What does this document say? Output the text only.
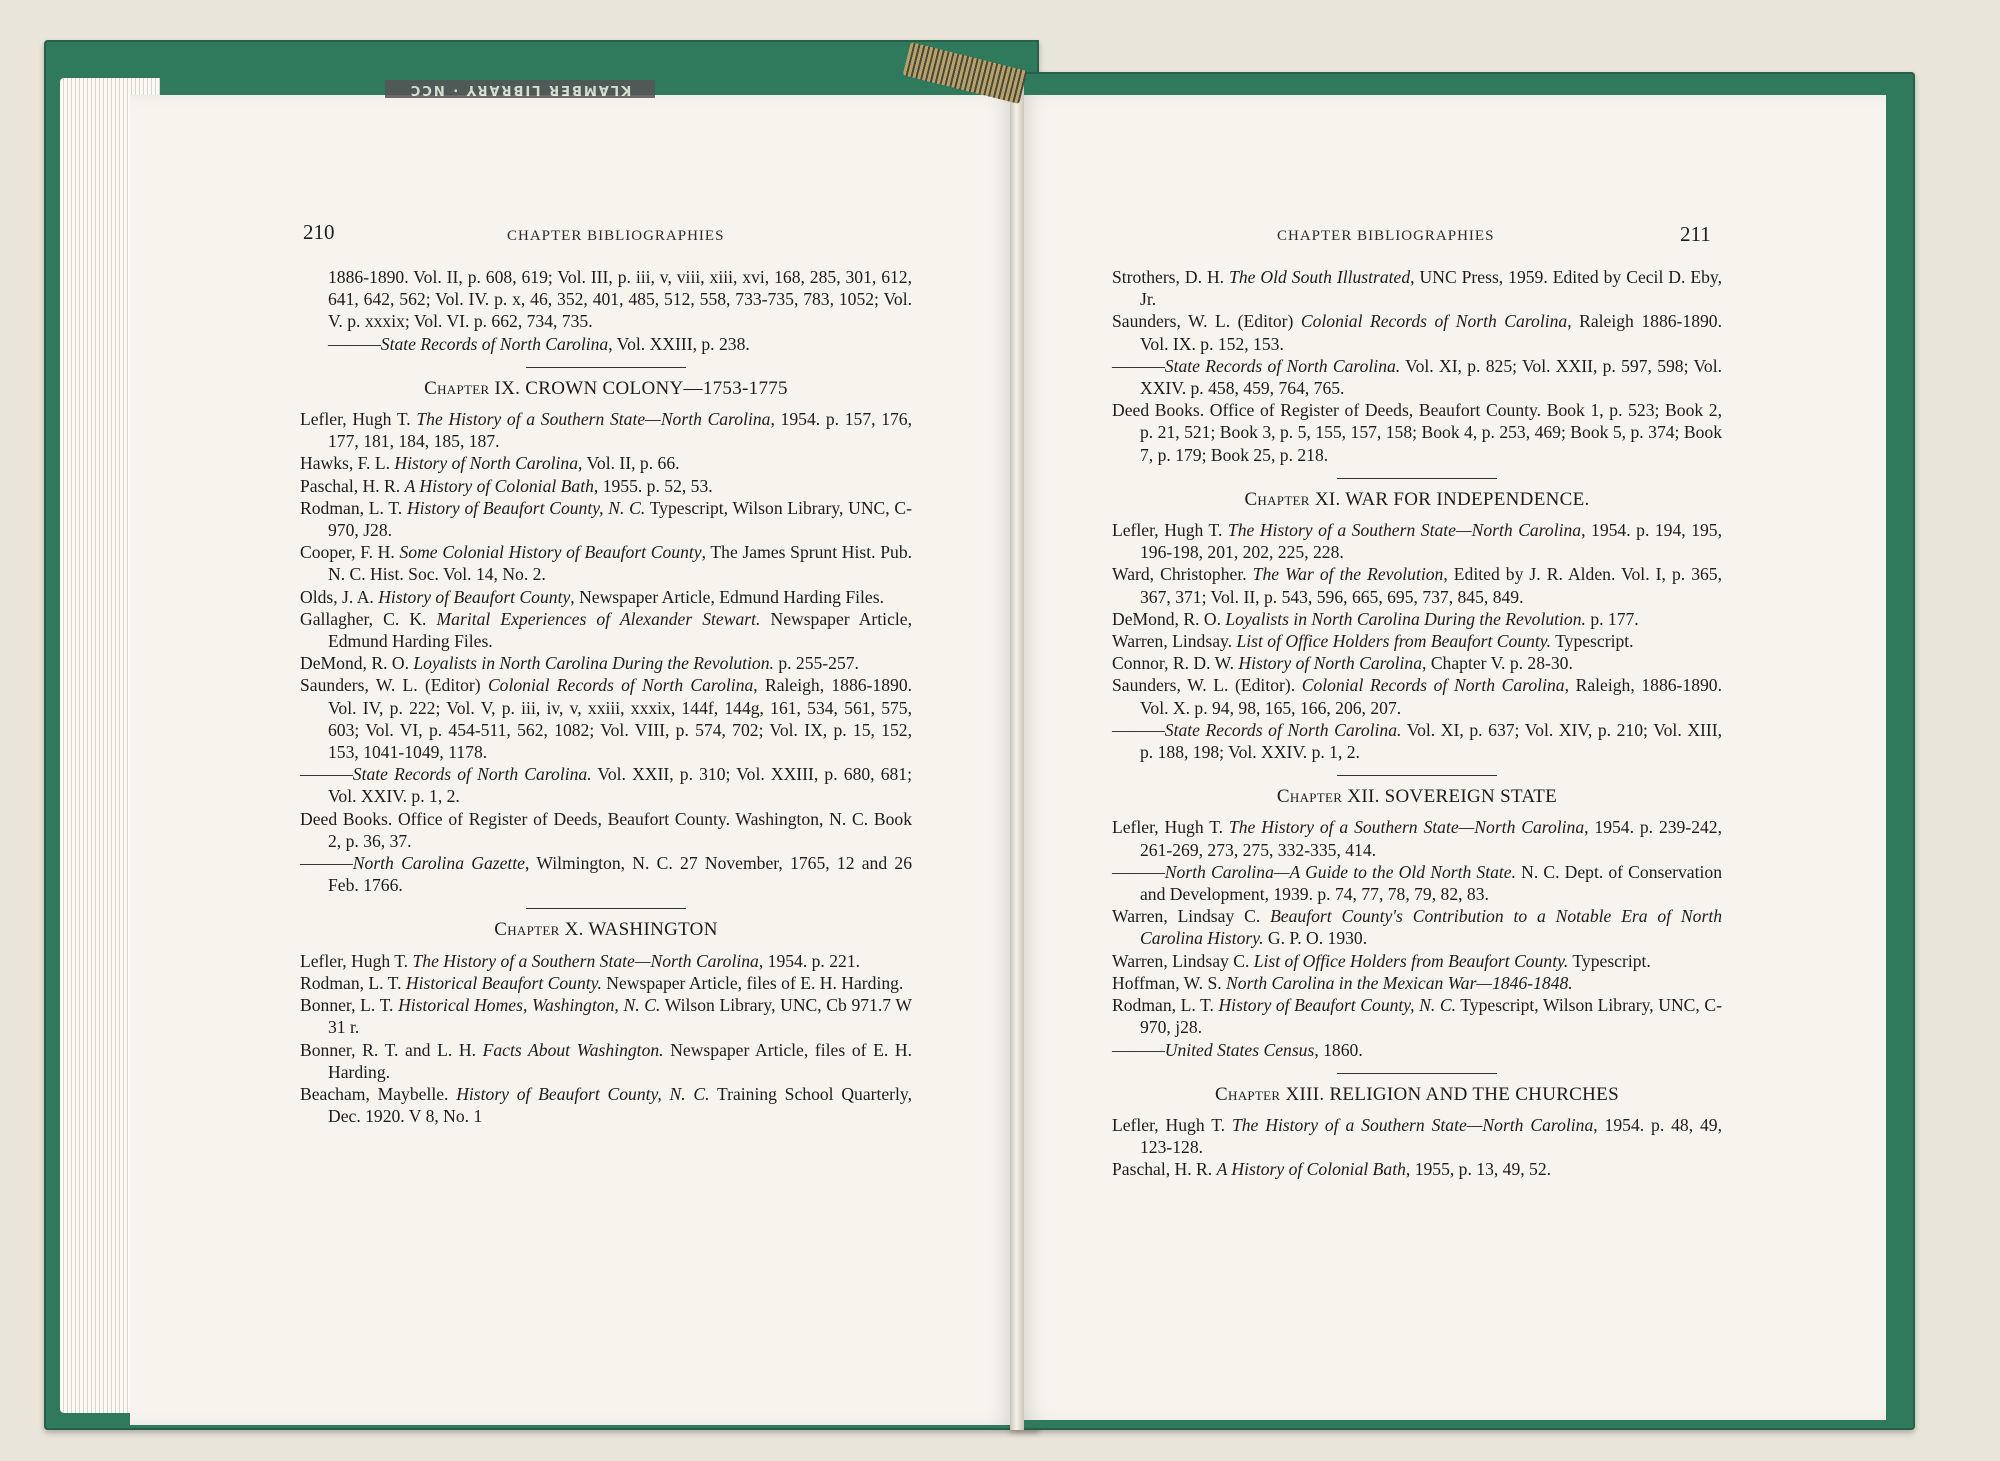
KLAMBER LIBRARY · NCC
210	CHAPTER BIBLIOGRAPHIES	CHAPTER BIBLIOGRAPHIES	211
1886-1890. Vol. II, p. 608, 619; Vol. III, p. iii, v, viii, xiii, xvi, 168, 285, 301, 612, 641, 642, 562; Vol. IV. p. x, 46, 352, 401, 485, 512, 558, 733-735, 783, 1052; Vol. V. p. xxxix; Vol. VI. p. 662, 734, 735.
———State Records of North Carolina, Vol. XXIII, p. 238.
Chapter IX. CROWN COLONY—1753-1775
Lefler, Hugh T. The History of a Southern State—North Carolina, 1954. p. 157, 176, 177, 181, 184, 185, 187.
Hawks, F. L. History of North Carolina, Vol. II, p. 66.
Paschal, H. R. A History of Colonial Bath, 1955. p. 52, 53.
Rodman, L. T. History of Beaufort County, N. C. Typescript, Wilson Library, UNC, C-970, J28.
Cooper, F. H. Some Colonial History of Beaufort County, The James Sprunt Hist. Pub. N. C. Hist. Soc. Vol. 14, No. 2.
Olds, J. A. History of Beaufort County, Newspaper Article, Edmund Harding Files.
Gallagher, C. K. Marital Experiences of Alexander Stewart. Newspaper Article, Edmund Harding Files.
DeMond, R. O. Loyalists in North Carolina During the Revolution. p. 255-257.
Saunders, W. L. (Editor) Colonial Records of North Carolina, Raleigh, 1886-1890. Vol. IV, p. 222; Vol. V, p. iii, iv, v, xxiii, xxxix, 144f, 144g, 161, 534, 561, 575, 603; Vol. VI, p. 454-511, 562, 1082; Vol. VIII, p. 574, 702; Vol. IX, p. 15, 152, 153, 1041-1049, 1178.
———State Records of North Carolina. Vol. XXII, p. 310; Vol. XXIII, p. 680, 681; Vol. XXIV. p. 1, 2.
Deed Books. Office of Register of Deeds, Beaufort County. Washington, N. C. Book 2, p. 36, 37.
———North Carolina Gazette, Wilmington, N. C. 27 November, 1765, 12 and 26 Feb. 1766.
Chapter X. WASHINGTON
Lefler, Hugh T. The History of a Southern State—North Carolina, 1954. p. 221.
Rodman, L. T. Historical Beaufort County. Newspaper Article, files of E. H. Harding.
Bonner, L. T. Historical Homes, Washington, N. C. Wilson Library, UNC, Cb 971.7 W 31 r.
Bonner, R. T. and L. H. Facts About Washington. Newspaper Article, files of E. H. Harding.
Beacham, Maybelle. History of Beaufort County, N. C. Training School Quarterly, Dec. 1920. V 8, No. 1
Strothers, D. H. The Old South Illustrated, UNC Press, 1959. Edited by Cecil D. Eby, Jr.
Saunders, W. L. (Editor) Colonial Records of North Carolina, Raleigh 1886-1890. Vol. IX. p. 152, 153.
———State Records of North Carolina. Vol. XI, p. 825; Vol. XXII, p. 597, 598; Vol. XXIV. p. 458, 459, 764, 765.
Deed Books. Office of Register of Deeds, Beaufort County. Book 1, p. 523; Book 2, p. 21, 521; Book 3, p. 5, 155, 157, 158; Book 4, p. 253, 469; Book 5, p. 374; Book 7, p. 179; Book 25, p. 218.
Chapter XI. WAR FOR INDEPENDENCE.
Lefler, Hugh T. The History of a Southern State—North Carolina, 1954. p. 194, 195, 196-198, 201, 202, 225, 228.
Ward, Christopher. The War of the Revolution, Edited by J. R. Alden. Vol. I, p. 365, 367, 371; Vol. II, p. 543, 596, 665, 695, 737, 845, 849.
DeMond, R. O. Loyalists in North Carolina During the Revolution. p. 177.
Warren, Lindsay. List of Office Holders from Beaufort County. Typescript.
Connor, R. D. W. History of North Carolina, Chapter V. p. 28-30.
Saunders, W. L. (Editor). Colonial Records of North Carolina, Raleigh, 1886-1890. Vol. X. p. 94, 98, 165, 166, 206, 207.
———State Records of North Carolina. Vol. XI, p. 637; Vol. XIV, p. 210; Vol. XIII, p. 188, 198; Vol. XXIV. p. 1, 2.
Chapter XII. SOVEREIGN STATE
Lefler, Hugh T. The History of a Southern State—North Carolina, 1954. p. 239-242, 261-269, 273, 275, 332-335, 414.
———North Carolina—A Guide to the Old North State. N. C. Dept. of Conservation and Development, 1939. p. 74, 77, 78, 79, 82, 83.
Warren, Lindsay C. Beaufort County's Contribution to a Notable Era of North Carolina History. G. P. O. 1930.
Warren, Lindsay C. List of Office Holders from Beaufort County. Typescript.
Hoffman, W. S. North Carolina in the Mexican War—1846-1848.
Rodman, L. T. History of Beaufort County, N. C. Typescript, Wilson Library, UNC, C-970, j28.
———United States Census, 1860.
Chapter XIII. RELIGION AND THE CHURCHES
Lefler, Hugh T. The History of a Southern State—North Carolina, 1954. p. 48, 49, 123-128.
Paschal, H. R. A History of Colonial Bath, 1955, p. 13, 49, 52.
